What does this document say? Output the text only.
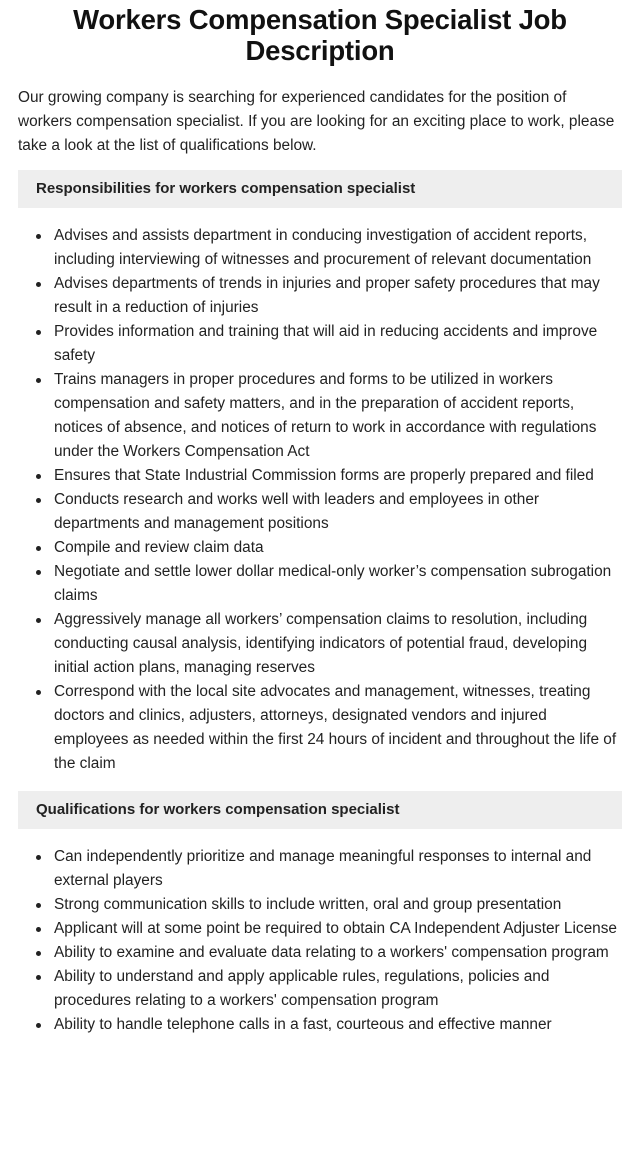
Workers Compensation Specialist Job Description

Our growing company is searching for experienced candidates for the position of workers compensation specialist. If you are looking for an exciting place to work, please take a look at the list of qualifications below.

Responsibilities for workers compensation specialist
Advises and assists department in conducing investigation of accident reports, including interviewing of witnesses and procurement of relevant documentation
Advises departments of trends in injuries and proper safety procedures that may result in a reduction of injuries
Provides information and training that will aid in reducing accidents and improve safety
Trains managers in proper procedures and forms to be utilized in workers compensation and safety matters, and in the preparation of accident reports, notices of absence, and notices of return to work in accordance with regulations under the Workers Compensation Act
Ensures that State Industrial Commission forms are properly prepared and filed
Conducts research and works well with leaders and employees in other departments and management positions
Compile and review claim data
Negotiate and settle lower dollar medical-only worker’s compensation subrogation claims
Aggressively manage all workers’ compensation claims to resolution, including conducting causal analysis, identifying indicators of potential fraud, developing initial action plans, managing reserves
Correspond with the local site advocates and management, witnesses, treating doctors and clinics, adjusters, attorneys, designated vendors and injured employees as needed within the first 24 hours of incident and throughout the life of the claim
Qualifications for workers compensation specialist
Can independently prioritize and manage meaningful responses to internal and external players
Strong communication skills to include written, oral and group presentation
Applicant will at some point be required to obtain CA Independent Adjuster License
Ability to examine and evaluate data relating to a workers' compensation program
Ability to understand and apply applicable rules, regulations, policies and procedures relating to a workers' compensation program
Ability to handle telephone calls in a fast, courteous and effective manner
